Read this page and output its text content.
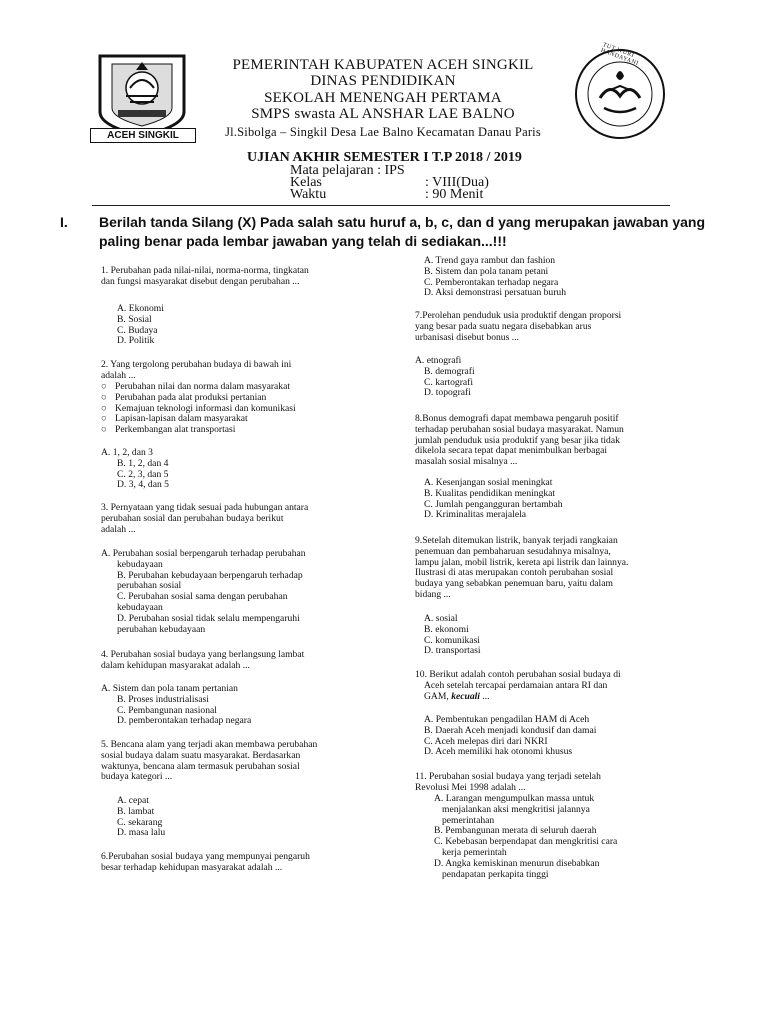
ACEH SINGKIL
TUT WURI HANDAYANI
PEMERINTAH KABUPATEN ACEH SINGKIL
DINAS PENDIDIKAN
SEKOLAH MENENGAH PERTAMA
SMPS swasta AL ANSHAR LAE BALNO
Jl.Sibolga – Singkil Desa Lae Balno Kecamatan Danau Paris
UJIAN AKHIR SEMESTER I T.P 2018 / 2019
Mata pelajaran : IPS
Kelas	: VIII(Dua)
Waktu	: 90 Menit
I. Berilah tanda Silang (X) Pada salah satu huruf a, b, c, dan d yang merupakan jawaban yang
paling benar pada lembar jawaban yang telah di sediakan...!!!

1. Perubahan pada nilai-nilai, norma-norma, tingkatan

dan fungsi masyarakat disebut dengan perubahan ...

A. Ekonomi

B. Sosial

C. Budaya

D. Politik

2. Yang tergolong perubahan budaya di bawah ini

adalah ...

○ Perubahan nilai dan norma dalam masyarakat

○ Perubahan pada alat produksi pertanian

○ Kemajuan teknologi informasi dan komunikasi

○ Lapisan-lapisan dalam masyarakat

○ Perkembangan alat transportasi

A. 1, 2, dan 3

B. 1, 2, dan 4

C. 2, 3, dan 5

D. 3, 4, dan 5

3. Pernyataan yang tidak sesuai pada hubungan antara

perubahan sosial dan perubahan budaya berikut

adalah ...

A. Perubahan sosial berpengaruh terhadap perubahan

kebudayaan

B. Perubahan kebudayaan berpengaruh terhadap

perubahan sosial

C. Perubahan sosial sama dengan perubahan

kebudayaan

D. Perubahan sosial tidak selalu mempengaruhi

perubahan kebudayaan

4. Perubahan sosial budaya yang berlangsung lambat

dalam kehidupan masyarakat adalah ...

A. Sistem dan pola tanam pertanian

B. Proses industrialisasi

C. Pembangunan nasional

D. pemberontakan terhadap negara

5. Bencana alam yang terjadi akan membawa perubahan

sosial budaya dalam suatu masyarakat. Berdasarkan

waktunya, bencana alam termasuk perubahan sosial

budaya kategori ...

A. cepat

B. lambat

C. sekarang

D. masa lalu

6.Perubahan sosial budaya yang mempunyai pengaruh

besar terhadap kehidupan masyarakat adalah ...

A. Trend gaya rambut dan fashion

B. Sistem dan pola tanam petani

C. Pemberontakan terhadap negara

D. Aksi demonstrasi persatuan buruh

7.Perolehan penduduk usia produktif dengan proporsi

yang besar pada suatu negara disebabkan arus

urbanisasi disebut bonus ...

A. etnografi

B. demografi

C. kartografi

D. topografi

8.Bonus demografi dapat membawa pengaruh positif

terhadap perubahan sosial budaya masyarakat. Namun

jumlah penduduk usia produktif yang besar jika tidak

dikelola secara tepat dapat menimbulkan berbagai

masalah sosial misalnya ...

A. Kesenjangan sosial meningkat

B. Kualitas pendidikan meningkat

C. Jumlah pengangguran bertambah

D. Kriminalitas merajalela

9.Setelah ditemukan listrik, banyak terjadi rangkaian

penemuan dan pembaharuan sesudahnya misalnya,

lampu jalan, mobil listrik, kereta api listrik dan lainnya.

Ilustrasi di atas merupakan contoh perubahan sosial

budaya yang sebabkan penemuan baru, yaitu dalam

bidang ...

A. sosial

B. ekonomi

C. komunikasi

D. transportasi

10. Berikut adalah contoh perubahan sosial budaya di

Aceh setelah tercapai perdamaian antara RI dan

GAM, kecuali ...

A. Pembentukan pengadilan HAM di Aceh

B. Daerah Aceh menjadi kondusif dan damai

C. Aceh melepas diri dari NKRI

D. Aceh memiliki hak otonomi khusus

11. Perubahan sosial budaya yang terjadi setelah

Revolusi Mei 1998 adalah ...

A. Larangan mengumpulkan massa untuk

menjalankan aksi mengkritisi jalannya

pemerintahan

B. Pembangunan merata di seluruh daerah

C. Kebebasan berpendapat dan mengkritisi cara

kerja pemerintah

D. Angka kemiskinan menurun disebabkan

pendapatan perkapita tinggi
